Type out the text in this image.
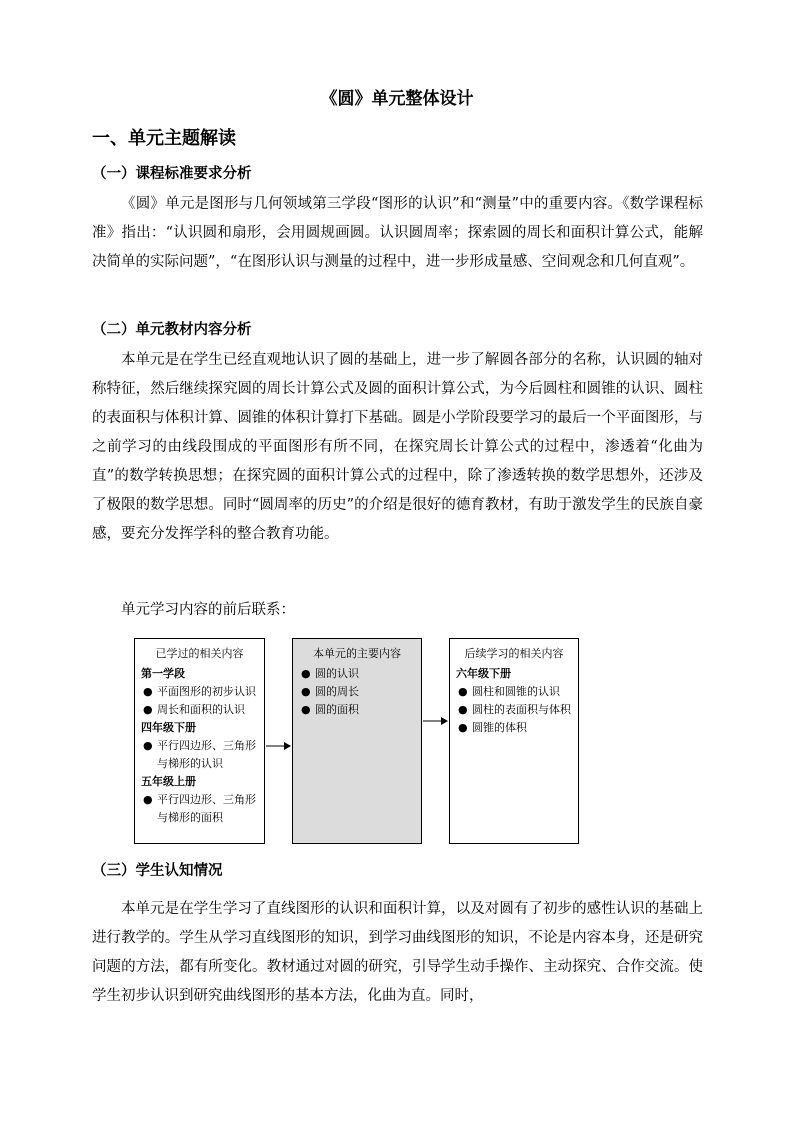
《圆》单元整体设计
一、单元主题解读
（一）课程标准要求分析

《圆》单元是图形与几何领域第三学段“图形的认识”和“测量”中的重要内容。《数学课程标准》指出：“认识圆和扇形，会用圆规画圆。认识圆周率；探索圆的周长和面积计算公式，能解决简单的实际问题”，“在图形认识与测量的过程中，进一步形成量感、空间观念和几何直观”。

（二）单元教材内容分析

本单元是在学生已经直观地认识了圆的基础上，进一步了解圆各部分的名称，认识圆的轴对称特征，然后继续探究圆的周长计算公式及圆的面积计算公式，为今后圆柱和圆锥的认识、圆柱的表面积与体积计算、圆锥的体积计算打下基础。圆是小学阶段要学习的最后一个平面图形，与之前学习的由线段围成的平面图形有所不同，在探究周长计算公式的过程中，渗透着“化曲为直”的数学转换思想；在探究圆的面积计算公式的过程中，除了渗透转换的数学思想外，还涉及了极限的数学思想。同时“圆周率的历史”的介绍是很好的德育教材，有助于激发学生的民族自豪感，要充分发挥学科的整合教育功能。

单元学习内容的前后联系：

已学过的相关内容
第一学段
● 平面图形的初步认识
● 周长和面积的认识
四年级下册
● 平行四边形、三角形与梯形的认识
五年级上册
● 平行四边形、三角形与梯形的面积
本单元的主要内容
● 圆的认识
● 圆的周长
● 圆的面积
后续学习的相关内容
六年级下册
● 圆柱和圆锥的认识
● 圆柱的表面积与体积
● 圆锥的体积
（三）学生认知情况

本单元是在学生学习了直线图形的认识和面积计算，以及对圆有了初步的感性认识的基础上进行教学的。学生从学习直线图形的知识，到学习曲线图形的知识，不论是内容本身，还是研究问题的方法，都有所变化。教材通过对圆的研究，引导学生动手操作、主动探究、合作交流。使学生初步认识到研究曲线图形的基本方法，化曲为直。同时，
